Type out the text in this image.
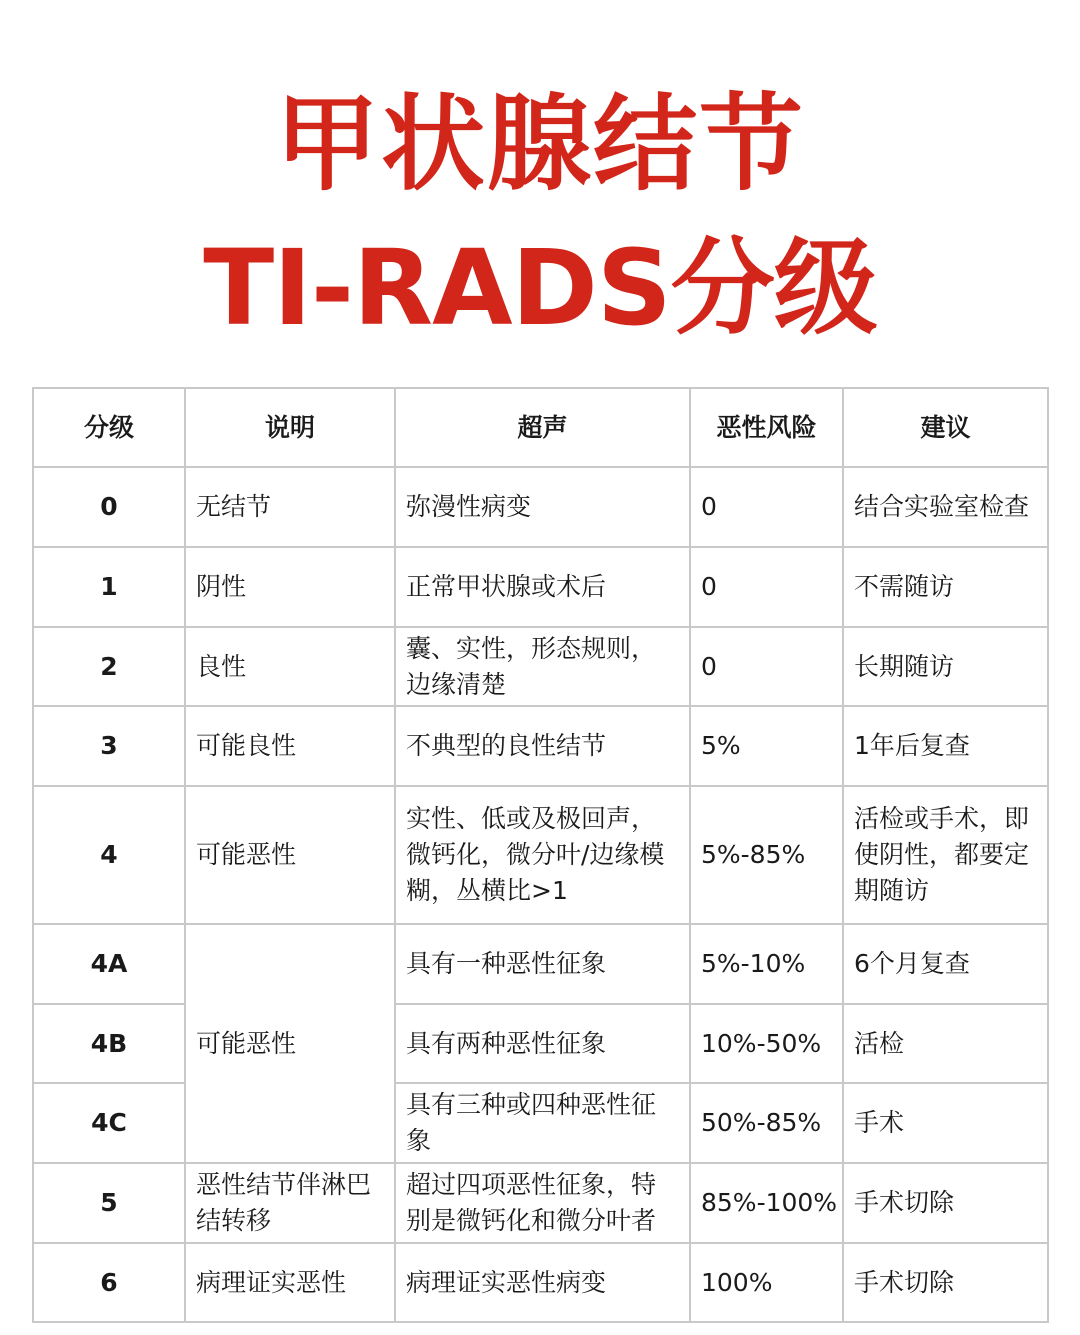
甲状腺结节
TI-RADS分级
分级	说明	超声	恶性风险	建议
0	无结节	弥漫性病变	0	结合实验室检查
1	阴性	正常甲状腺或术后	0	不需随访
2	良性	囊、实性，形态规则，边缘清楚	0	长期随访
3	可能良性	不典型的良性结节	5%	1年后复查
4	可能恶性	实性、低或及极回声，微钙化，微分叶/边缘模糊，丛横比>1	5%-85%	活检或手术，即使阴性，都要定期随访
4A	可能恶性	具有一种恶性征象	5%-10%	6个月复查
4B		具有两种恶性征象	10%-50%	活检
4C		具有三种或四种恶性征象	50%-85%	手术
5	恶性结节伴淋巴结转移	超过四项恶性征象，特别是微钙化和微分叶者	85%-100%	手术切除
6	病理证实恶性	病理证实恶性病变	100%	手术切除
